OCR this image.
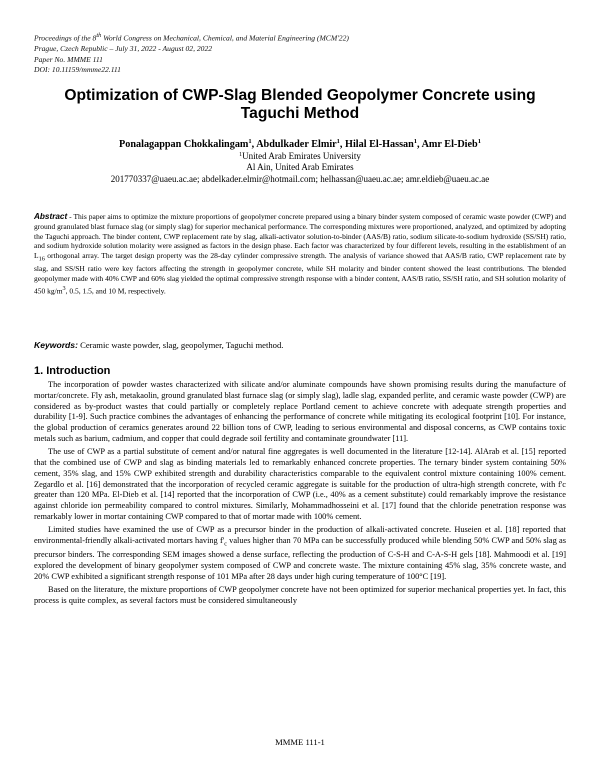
Proceedings of the 8th World Congress on Mechanical, Chemical, and Material Engineering (MCM'22)
Prague, Czech Republic – July 31, 2022 - August 02, 2022
Paper No. MMME 111
DOI: 10.11159/mmme22.111
Optimization of CWP-Slag Blended Geopolymer Concrete using Taguchi Method
Ponalagappan Chokkalingam$^1$, Abdulkader Elmir$^1$, Hilal El-Hassan$^1$, Amr El-Dieb$^1$
$^1$United Arab Emirates University
Al Ain, United Arab Emirates
201770337@uaeu.ac.ae; abdelkader.elmir@hotmail.com; helhassan@uaeu.ac.ae; amr.eldieb@uaeu.ac.ae
Abstract - This paper aims to optimize the mixture proportions of geopolymer concrete prepared using a binary binder system composed of ceramic waste powder (CWP) and ground granulated blast furnace slag (or simply slag) for superior mechanical performance. The corresponding mixtures were proportioned, analyzed, and optimized by adopting the Taguchi approach. The binder content, CWP replacement rate by slag, alkali-activator solution-to-binder (AAS/B) ratio, sodium silicate-to-sodium hydroxide (SS/SH) ratio, and sodium hydroxide solution molarity were assigned as factors in the design phase. Each factor was characterized by four different levels, resulting in the establishment of an $L_{16}$ orthogonal array. The target design property was the 28-day cylinder compressive strength. The analysis of variance showed that AAS/B ratio, CWP replacement rate by slag, and SS/SH ratio were key factors affecting the strength in geopolymer concrete, while SH molarity and binder content showed the least contributions. The blended geopolymer made with 40% CWP and 60% slag yielded the optimal compressive strength response with a binder content, AAS/B ratio, SS/SH ratio, and SH solution molarity of 450 $kg/m^3$, 0.5, 1.5, and 10 M, respectively.
Keywords: Ceramic waste powder, slag, geopolymer, Taguchi method.
1. Introduction

The incorporation of powder wastes characterized with silicate and/or aluminate compounds have shown promising results during the manufacture of mortar/concrete. Fly ash, metakaolin, ground granulated blast furnace slag (or simply slag), ladle slag, expanded perlite, and ceramic waste powder (CWP) are considered as by-product wastes that could partially or completely replace Portland cement to achieve concrete with adequate strength properties and durability [1-9]. Such practice combines the advantages of enhancing the performance of concrete while mitigating its ecological footprint [10]. For instance, the global production of ceramics generates around 22 billion tons of CWP, leading to serious environmental and disposal concerns, as CWP contains toxic metals such as barium, cadmium, and copper that could degrade soil fertility and contaminate groundwater [11].

The use of CWP as a partial substitute of cement and/or natural fine aggregates is well documented in the literature [12-14]. AlArab et al. [15] reported that the combined use of CWP and slag as binding materials led to remarkably enhanced concrete properties. The ternary binder system containing 50% cement, 35% slag, and 15% CWP exhibited strength and durability characteristics comparable to the equivalent control mixture containing 100% cement. Zegardlo et al. [16] demonstrated that the incorporation of recycled ceramic aggregate is suitable for the production of ultra-high strength concrete, with f'c greater than 120 MPa. El-Dieb et al. [14] reported that the incorporation of CWP (i.e., 40% as a cement substitute) could remarkably improve the resistance against chloride ion permeability compared to control mixtures. Similarly, Mohammadhosseini et al. [17] found that the chloride penetration response was remarkably lower in mortar containing CWP compared to that of mortar made with 100% cement.

Limited studies have examined the use of CWP as a precursor binder in the production of alkali-activated concrete. Huseien et al. [18] reported that environmental-friendly alkali-activated mortars having $f'_c$ values higher than 70 MPa can be successfully produced while blending 50% CWP and 50% slag as precursor binders. The corresponding SEM images showed a dense surface, reflecting the production of C-S-H and C-A-S-H gels [18]. Mahmoodi et al. [19] explored the development of binary geopolymer system composed of CWP and concrete waste. The mixture containing 45% slag, 35% concrete waste, and 20% CWP exhibited a significant strength response of 101 MPa after 28 days under high curing temperature of 100°C [19].

Based on the literature, the mixture proportions of CWP geopolymer concrete have not been optimized for superior mechanical properties yet. In fact, this process is quite complex, as several factors must be considered simultaneously

MMME 111-1
